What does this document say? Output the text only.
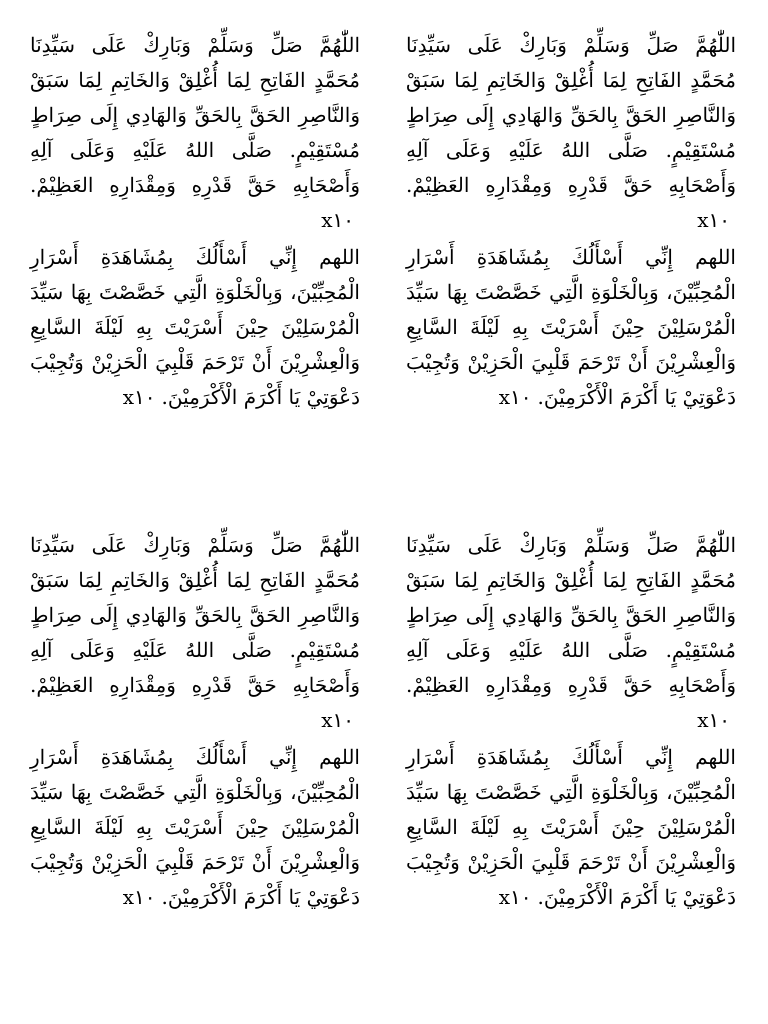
اللّٰهُمَّ صَلِّ وَسَلِّمْ وَبَارِكْ عَلَى سَيِّدِنَا مُحَمَّدٍ الفَاتِحِ لِمَا أُغْلِقْ وَالخَاتِمِ لِمَا سَبَقْ وَالنَّاصِرِ الحَقَّ بِالحَقِّ وَالهَادِي إِلَى صِرَاطٍ مُسْتَقِيْمٍ. صَلَّى اللهُ عَلَيْهِ وَعَلَى آلِهِ وَأَصْحَابِهِ حَقَّ قَدْرِهِ وَمِقْدَارِهِ العَظِيْمْ.x١٠

اللهم إِنِّي أَسْأَلُكَ بِمُشَاهَدَةِ أَسْرَارِ الْمُحِبِّيْنَ، وَبِالْخَلْوَةِ الَّتِي خَصَّصْتَ بِهَا سَيِّدَ الْمُرْسَلِيْنَ حِيْنَ أَسْرَيْتَ بِهِ لَيْلَةَ السَّابِعِ وَالْعِشْرِيْنَ أَنْ تَرْحَمَ قَلْبِيَ الْحَزِيْنْ وَتُجِيْبَ دَعْوَتِيْ يَا أَكْرَمَ الْأَكْرَمِيْنَ.x١٠

اللّٰهُمَّ صَلِّ وَسَلِّمْ وَبَارِكْ عَلَى سَيِّدِنَا مُحَمَّدٍ الفَاتِحِ لِمَا أُغْلِقْ وَالخَاتِمِ لِمَا سَبَقْ وَالنَّاصِرِ الحَقَّ بِالحَقِّ وَالهَادِي إِلَى صِرَاطٍ مُسْتَقِيْمٍ. صَلَّى اللهُ عَلَيْهِ وَعَلَى آلِهِ وَأَصْحَابِهِ حَقَّ قَدْرِهِ وَمِقْدَارِهِ العَظِيْمْ.x١٠

اللهم إِنِّي أَسْأَلُكَ بِمُشَاهَدَةِ أَسْرَارِ الْمُحِبِّيْنَ، وَبِالْخَلْوَةِ الَّتِي خَصَّصْتَ بِهَا سَيِّدَ الْمُرْسَلِيْنَ حِيْنَ أَسْرَيْتَ بِهِ لَيْلَةَ السَّابِعِ وَالْعِشْرِيْنَ أَنْ تَرْحَمَ قَلْبِيَ الْحَزِيْنْ وَتُجِيْبَ دَعْوَتِيْ يَا أَكْرَمَ الْأَكْرَمِيْنَ.x١٠

اللّٰهُمَّ صَلِّ وَسَلِّمْ وَبَارِكْ عَلَى سَيِّدِنَا مُحَمَّدٍ الفَاتِحِ لِمَا أُغْلِقْ وَالخَاتِمِ لِمَا سَبَقْ وَالنَّاصِرِ الحَقَّ بِالحَقِّ وَالهَادِي إِلَى صِرَاطٍ مُسْتَقِيْمٍ. صَلَّى اللهُ عَلَيْهِ وَعَلَى آلِهِ وَأَصْحَابِهِ حَقَّ قَدْرِهِ وَمِقْدَارِهِ العَظِيْمْ.x١٠

اللهم إِنِّي أَسْأَلُكَ بِمُشَاهَدَةِ أَسْرَارِ الْمُحِبِّيْنَ، وَبِالْخَلْوَةِ الَّتِي خَصَّصْتَ بِهَا سَيِّدَ الْمُرْسَلِيْنَ حِيْنَ أَسْرَيْتَ بِهِ لَيْلَةَ السَّابِعِ وَالْعِشْرِيْنَ أَنْ تَرْحَمَ قَلْبِيَ الْحَزِيْنْ وَتُجِيْبَ دَعْوَتِيْ يَا أَكْرَمَ الْأَكْرَمِيْنَ.x١٠

اللّٰهُمَّ صَلِّ وَسَلِّمْ وَبَارِكْ عَلَى سَيِّدِنَا مُحَمَّدٍ الفَاتِحِ لِمَا أُغْلِقْ وَالخَاتِمِ لِمَا سَبَقْ وَالنَّاصِرِ الحَقَّ بِالحَقِّ وَالهَادِي إِلَى صِرَاطٍ مُسْتَقِيْمٍ. صَلَّى اللهُ عَلَيْهِ وَعَلَى آلِهِ وَأَصْحَابِهِ حَقَّ قَدْرِهِ وَمِقْدَارِهِ العَظِيْمْ.x١٠

اللهم إِنِّي أَسْأَلُكَ بِمُشَاهَدَةِ أَسْرَارِ الْمُحِبِّيْنَ، وَبِالْخَلْوَةِ الَّتِي خَصَّصْتَ بِهَا سَيِّدَ الْمُرْسَلِيْنَ حِيْنَ أَسْرَيْتَ بِهِ لَيْلَةَ السَّابِعِ وَالْعِشْرِيْنَ أَنْ تَرْحَمَ قَلْبِيَ الْحَزِيْنْ وَتُجِيْبَ دَعْوَتِيْ يَا أَكْرَمَ الْأَكْرَمِيْنَ.x١٠
